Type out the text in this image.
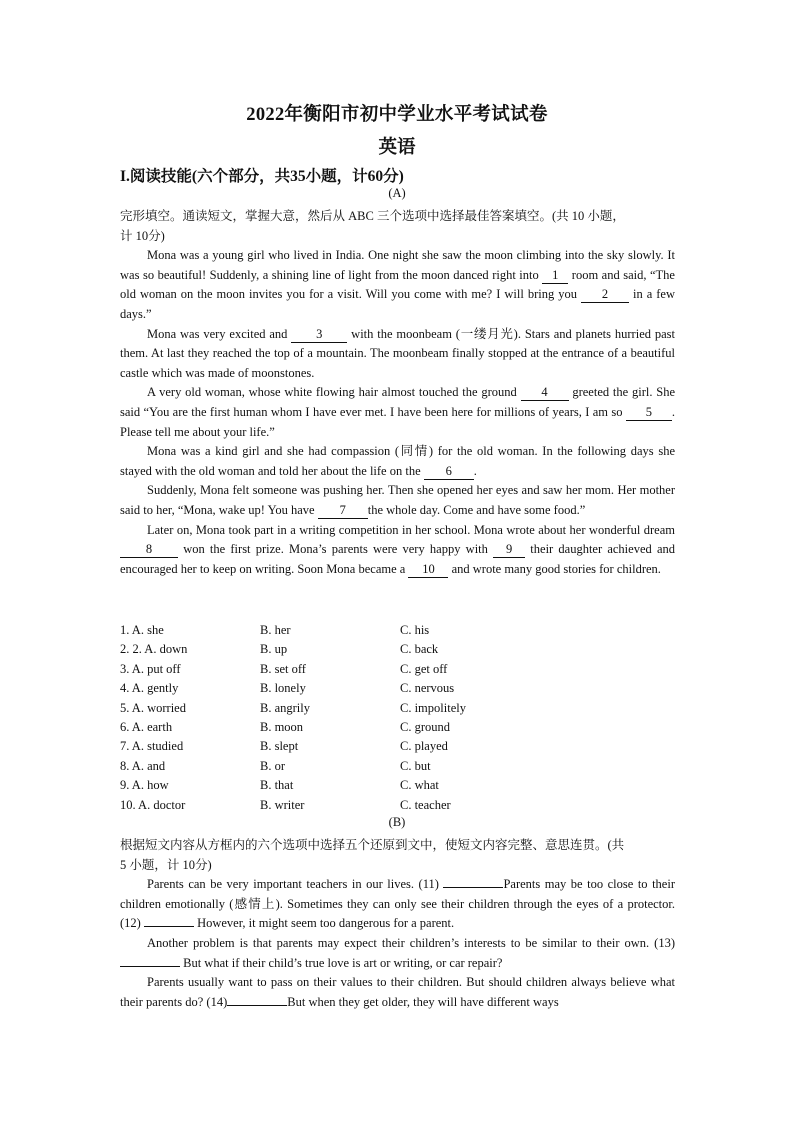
2022年衡阳市初中学业水平考试试卷
英语
I.阅读技能(六个部分，共35小题，计60分)
(A)

完形填空。通读短文，掌握大意，然后从 ABC 三个选项中选择最佳答案填空。(共 10 小题，
计 10分)

Mona was a young girl who lived in India. One night she saw the moon climbing into the sky slowly. It was so beautiful! Suddenly, a shining line of light from the moon danced right into 1 room and said, “The old woman on the moon invites you for a visit. Will you come with me? I will bring you 2 in a few days.”

Mona was very excited and 3 with the moonbeam (一缕月光). Stars and planets hurried past them. At last they reached the top of a mountain. The moonbeam finally stopped at the entrance of a beautiful castle which was made of moonstones.

A very old woman, whose white flowing hair almost touched the ground 4 greeted the girl. She said “You are the first human whom I have ever met. I have been here for millions of years, I am so 5 . Please tell me about your life.”

Mona was a kind girl and she had compassion (同情) for the old woman. In the following days she stayed with the old woman and told her about the life on the 6 .

Suddenly, Mona felt someone was pushing her. Then she opened her eyes and saw her mom. Her mother said to her, “Mona, wake up! You have 7 the whole day. Come and have some food.”

Later on, Mona took part in a writing competition in her school. Mona wrote about her wonderful dream 8 won the first prize. Mona’s parents were very happy with 9 their daughter achieved and encouraged her to keep on writing. Soon Mona became a 10 and wrote many good stories for children.

1. A. she	B. her	C. his
2. 2. A. down	B. up	C. back
3. A. put off	B. set off	C. get off
4. A. gently	B. lonely	C. nervous
5. A. worried	B. angrily	C. impolitely
6. A. earth	B. moon	C. ground
7. A. studied	B. slept	C. played
8. A. and	B. or	C. but
9. A. how	B. that	C. what
10. A. doctor	B. writer	C. teacher
(B)

根据短文内容从方框内的六个选项中选择五个还原到文中，使短文内容完整、意思连贯。(共
5 小题，计 10分)

Parents can be very important teachers in our lives. (11)	Parents may be too close to their children emotionally (感情上). Sometimes they can only see their children through the eyes of a protector. (12)	However, it might seem too dangerous for a parent.

Another problem is that parents may expect their children’s interests to be similar to their own. (13)  But what if their child’s true love is art or writing, or car repair?

Parents usually want to pass on their values to their children. But should children always believe what their parents do? (14)	But when they get older, they will have different ways
